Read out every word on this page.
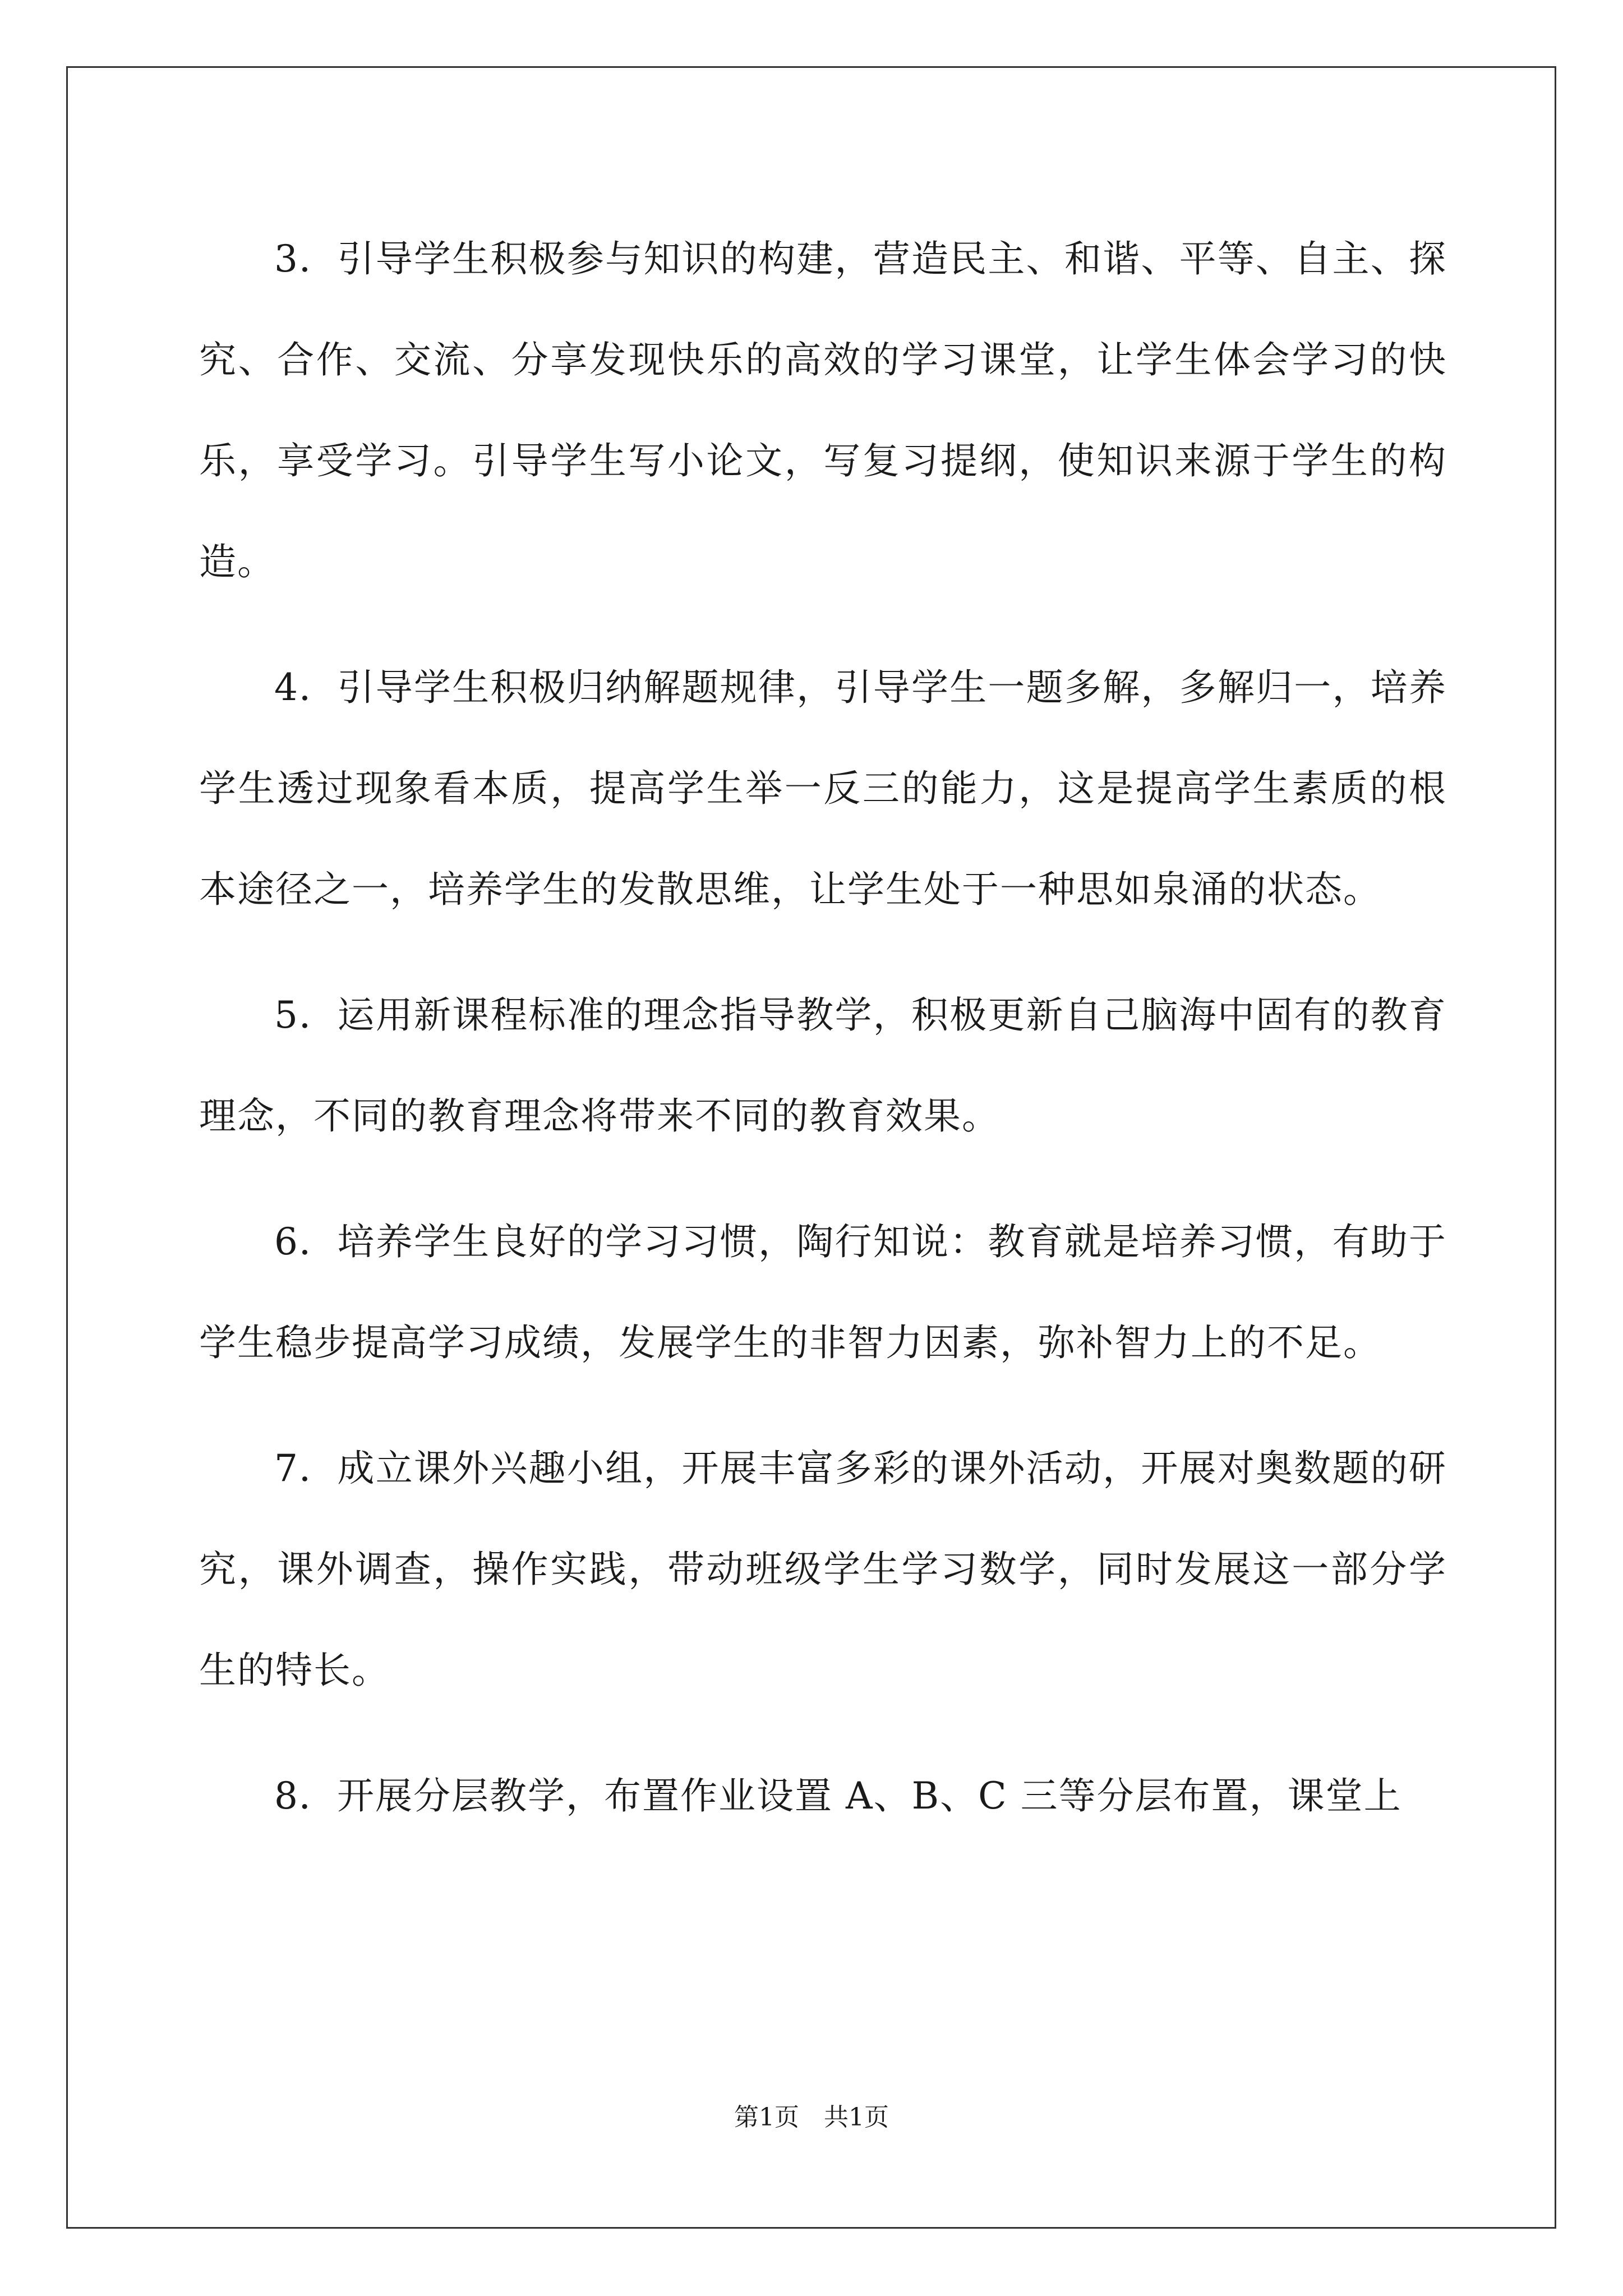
3．引导学生积极参与知识的构建，营造民主、和谐、平等、自主、探究、合作、交流、分享发现快乐的高效的学习课堂，让学生体会学习的快乐，享受学习。引导学生写小论文，写复习提纲，使知识来源于学生的构造。

4．引导学生积极归纳解题规律，引导学生一题多解，多解归一，培养学生透过现象看本质，提高学生举一反三的能力，这是提高学生素质的根本途径之一，培养学生的发散思维，让学生处于一种思如泉涌的状态。

5．运用新课程标准的理念指导教学，积极更新自己脑海中固有的教育理念，不同的教育理念将带来不同的教育效果。

6．培养学生良好的学习习惯，陶行知说：教育就是培养习惯，有助于学生稳步提高学习成绩，发展学生的非智力因素，弥补智力上的不足。

7．成立课外兴趣小组，开展丰富多彩的课外活动，开展对奥数题的研究，课外调查，操作实践，带动班级学生学习数学，同时发展这一部分学生的特长。

8．开展分层教学，布置作业设置 A、B、C 三等分层布置，课堂上

第1页　共1页
